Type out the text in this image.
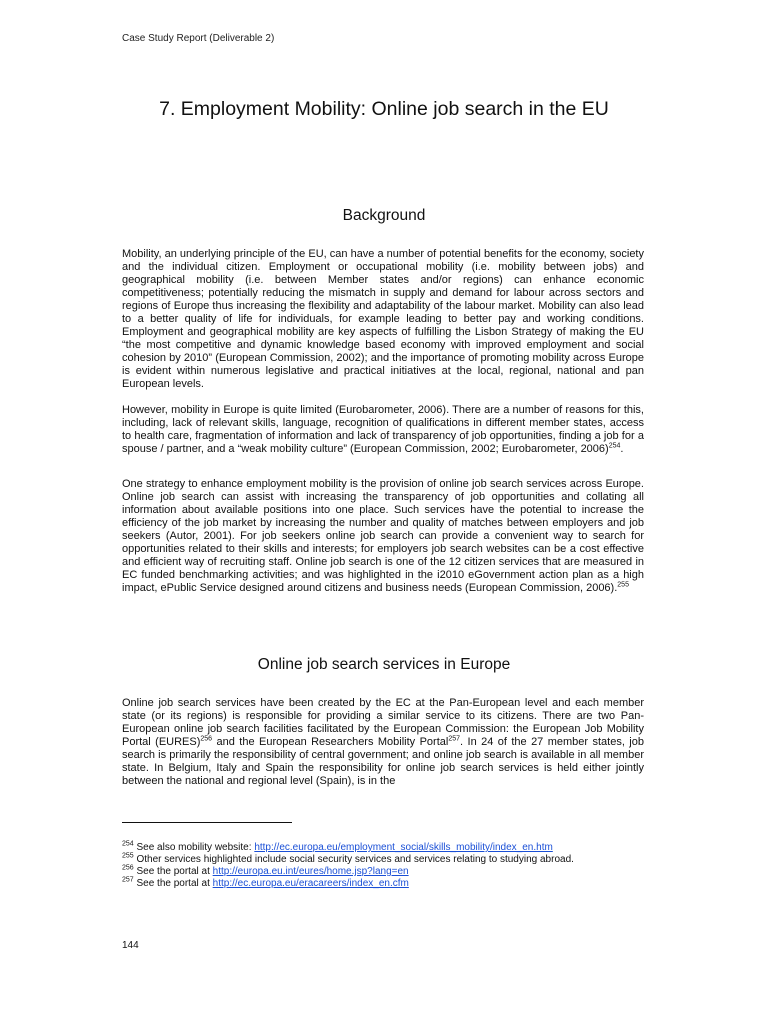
Case Study Report (Deliverable 2)
7. Employment Mobility: Online job search in the EU
Background

Mobility, an underlying principle of the EU, can have a number of potential benefits for the economy, society and the individual citizen. Employment or occupational mobility (i.e. mobility between jobs) and geographical mobility (i.e. between Member states and/or regions) can enhance economic competitiveness; potentially reducing the mismatch in supply and demand for labour across sectors and regions of Europe thus increasing the flexibility and adaptability of the labour market. Mobility can also lead to a better quality of life for individuals, for example leading to better pay and working conditions. Employment and geographical mobility are key aspects of fulfilling the Lisbon Strategy of making the EU “the most competitive and dynamic knowledge based economy with improved employment and social cohesion by 2010” (European Commission, 2002); and the importance of promoting mobility across Europe is evident within numerous legislative and practical initiatives at the local, regional, national and pan European levels.

However, mobility in Europe is quite limited (Eurobarometer, 2006). There are a number of reasons for this, including, lack of relevant skills, language, recognition of qualifications in different member states, access to health care, fragmentation of information and lack of transparency of job opportunities, finding a job for a spouse / partner, and a “weak mobility culture” (European Commission, 2002; Eurobarometer, 2006)$^{254}$.

One strategy to enhance employment mobility is the provision of online job search services across Europe. Online job search can assist with increasing the transparency of job opportunities and collating all information about available positions into one place. Such services have the potential to increase the efficiency of the job market by increasing the number and quality of matches between employers and job seekers (Autor, 2001). For job seekers online job search can provide a convenient way to search for opportunities related to their skills and interests; for employers job search websites can be a cost effective and efficient way of recruiting staff. Online job search is one of the 12 citizen services that are measured in EC funded benchmarking activities; and was highlighted in the i2010 eGovernment action plan as a high impact, ePublic Service designed around citizens and business needs (European Commission, 2006).$^{255}$

Online job search services in Europe

Online job search services have been created by the EC at the Pan-European level and each member state (or its regions) is responsible for providing a similar service to its citizens. There are two Pan-European online job search facilities facilitated by the European Commission: the European Job Mobility Portal (EURES)$^{256}$ and the European Researchers Mobility Portal$^{257}$. In 24 of the 27 member states, job search is primarily the responsibility of central government; and online job search is available in all member state. In Belgium, Italy and Spain the responsibility for online job search services is held either jointly between the national and regional level (Spain), is in the

$^{254}$ See also mobility website: http://ec.europa.eu/employment_social/skills_mobility/index_en.htm

$^{255}$ Other services highlighted include social security services and services relating to studying abroad.

$^{256}$ See the portal at http://europa.eu.int/eures/home.jsp?lang=en

$^{257}$ See the portal at http://ec.europa.eu/eracareers/index_en.cfm

144
